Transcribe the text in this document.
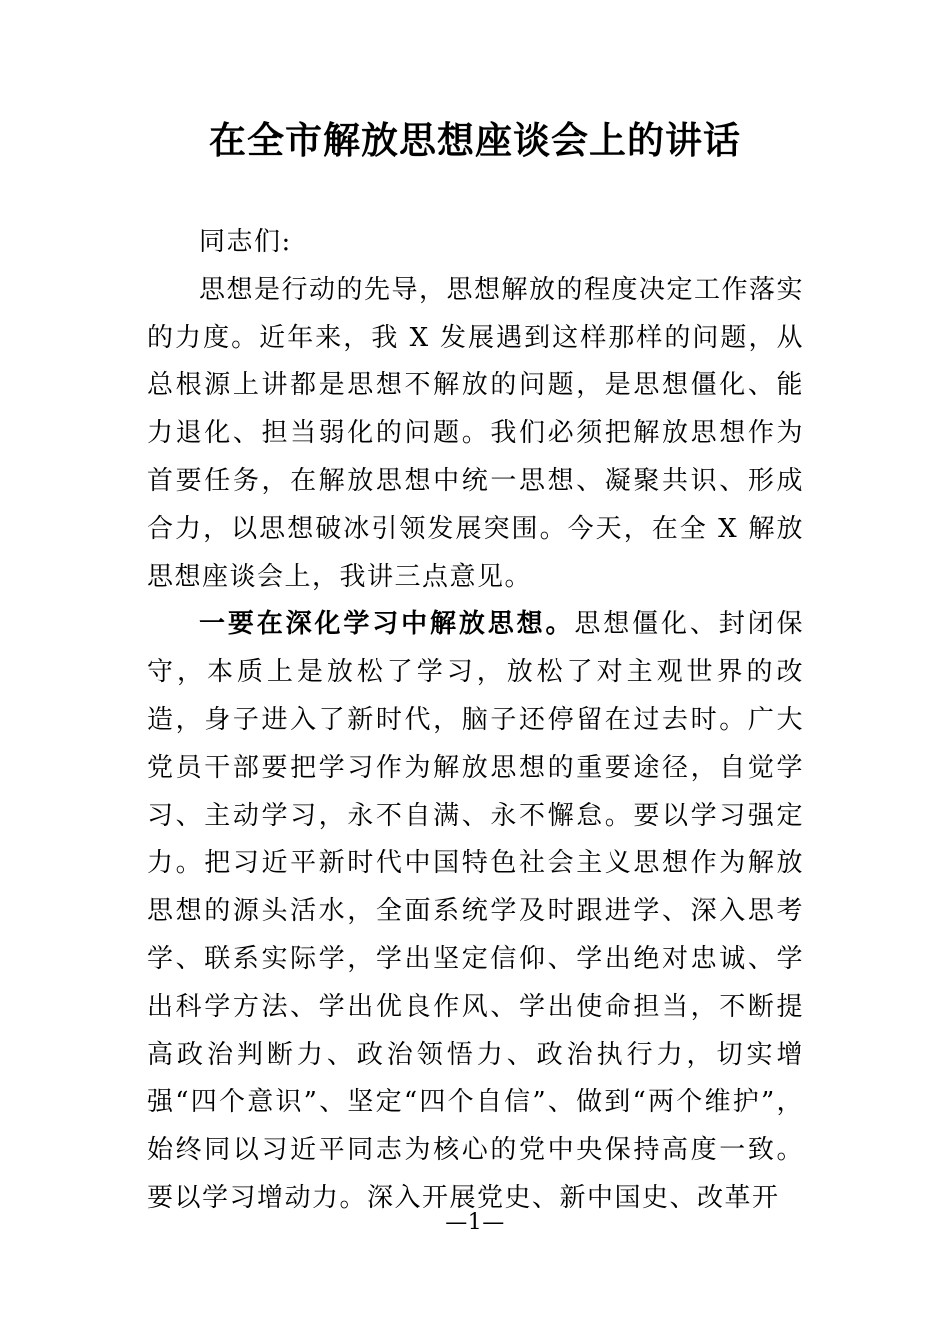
在全市解放思想座谈会上的讲话

同志们:

思想是行动的先导，思想解放的程度决定工作落实的力度。近年来，我 X 发展遇到这样那样的问题，从总根源上讲都是思想不解放的问题，是思想僵化、能力退化、担当弱化的问题。我们必须把解放思想作为首要任务，在解放思想中统一思想、凝聚共识、形成合力，以思想破冰引领发展突围。今天，在全 X 解放思想座谈会上，我讲三点意见。

一要在深化学习中解放思想。思想僵化、封闭保守，本质上是放松了学习，放松了对主观世界的改造，身子进入了新时代，脑子还停留在过去时。广大党员干部要把学习作为解放思想的重要途径，自觉学习、主动学习，永不自满、永不懈怠。要以学习强定力。把习近平新时代中国特色社会主义思想作为解放思想的源头活水，全面系统学及时跟进学、深入思考学、联系实际学，学出坚定信仰、学出绝对忠诚、学出科学方法、学出优良作风、学出使命担当，不断提高政治判断力、政治领悟力、政治执行力，切实增强“四个意识”、坚定“四个自信”、做到“两个维护”，始终同以习近平同志为核心的党中央保持高度一致。要以学习增动力。深入开展党史、新中国史、改革开

—1—
